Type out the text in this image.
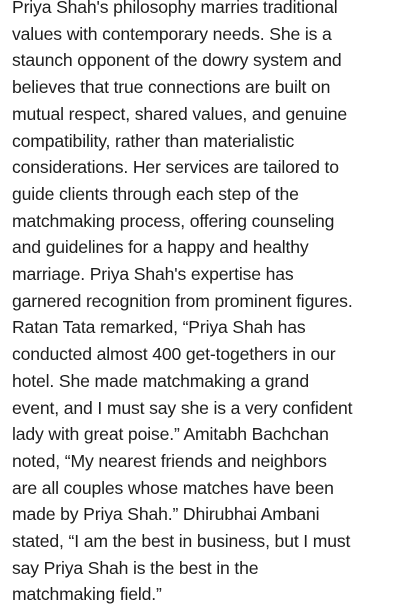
Priya Shah's philosophy marries traditional
values with contemporary needs. She is a
staunch opponent of the dowry system and
believes that true connections are built on
mutual respect, shared values, and genuine
compatibility, rather than materialistic
considerations. Her services are tailored to
guide clients through each step of the
matchmaking process, offering counseling
and guidelines for a happy and healthy
marriage. Priya Shah's expertise has
garnered recognition from prominent figures.
Ratan Tata remarked, “Priya Shah has
conducted almost 400 get-togethers in our
hotel. She made matchmaking a grand
event, and I must say she is a very confident
lady with great poise.” Amitabh Bachchan
noted, “My nearest friends and neighbors
are all couples whose matches have been
made by Priya Shah.” Dhirubhai Ambani
stated, “I am the best in business, but I must
say Priya Shah is the best in the
matchmaking field.”
